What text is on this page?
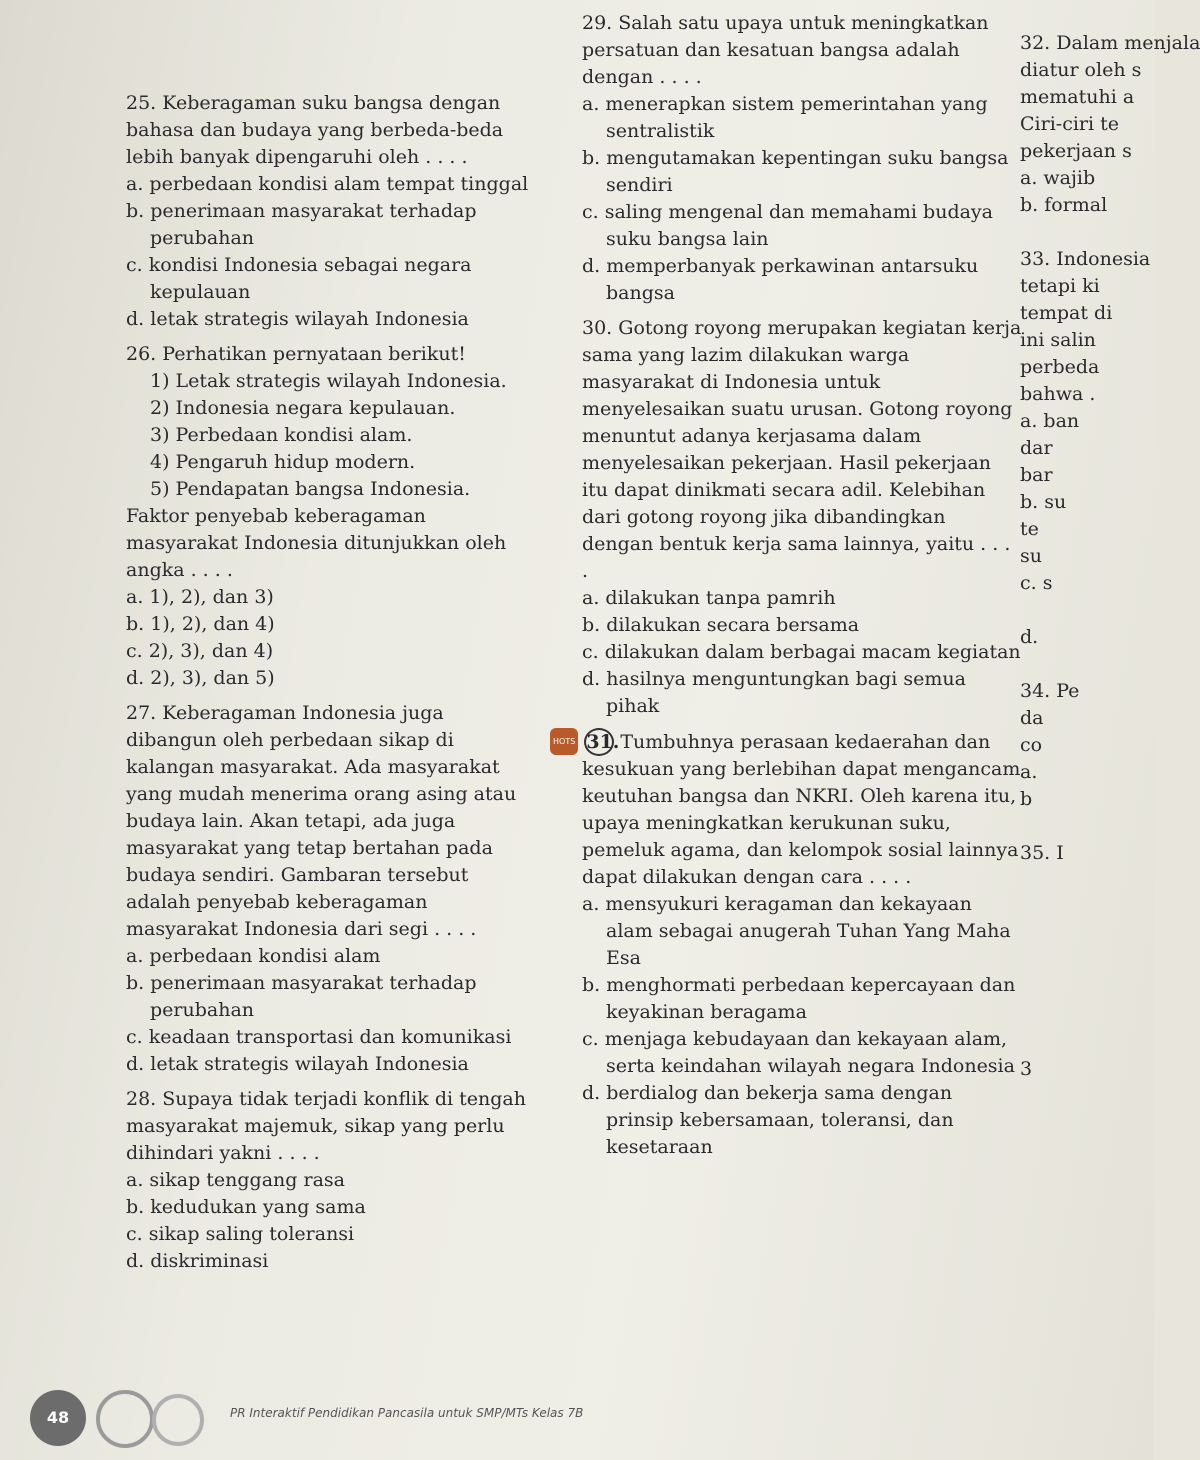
25. Keberagaman suku bangsa dengan bahasa dan budaya yang berbeda-beda lebih banyak dipengaruhi oleh . . . .
a. perbedaan kondisi alam tempat tinggal
b. penerimaan masyarakat terhadap perubahan
c. kondisi Indonesia sebagai negara kepulauan
d. letak strategis wilayah Indonesia
26. Perhatikan pernyataan berikut!
1) Letak strategis wilayah Indonesia.
2) Indonesia negara kepulauan.
3) Perbedaan kondisi alam.
4) Pengaruh hidup modern.
5) Pendapatan bangsa Indonesia.
Faktor penyebab keberagaman masyarakat Indonesia ditunjukkan oleh angka . . . .
a. 1), 2), dan 3)
b. 1), 2), dan 4)
c. 2), 3), dan 4)
d. 2), 3), dan 5)
27. Keberagaman Indonesia juga dibangun oleh perbedaan sikap di kalangan masyarakat. Ada masyarakat yang mudah menerima orang asing atau budaya lain. Akan tetapi, ada juga masyarakat yang tetap bertahan pada budaya sendiri. Gambaran tersebut adalah penyebab keberagaman masyarakat Indonesia dari segi . . . .
a. perbedaan kondisi alam
b. penerimaan masyarakat terhadap perubahan
c. keadaan transportasi dan komunikasi
d. letak strategis wilayah Indonesia
28. Supaya tidak terjadi konflik di tengah masyarakat majemuk, sikap yang perlu dihindari yakni . . . .
a. sikap tenggang rasa
b. kedudukan yang sama
c. sikap saling toleransi
d. diskriminasi
29. Salah satu upaya untuk meningkatkan persatuan dan kesatuan bangsa adalah dengan . . . .
a. menerapkan sistem pemerintahan yang sentralistik
b. mengutamakan kepentingan suku bangsa sendiri
c. saling mengenal dan memahami budaya suku bangsa lain
d. memperbanyak perkawinan antarsuku bangsa
30. Gotong royong merupakan kegiatan kerja sama yang lazim dilakukan warga masyarakat di Indonesia untuk menyelesaikan suatu urusan. Gotong royong menuntut adanya kerjasama dalam menyelesaikan pekerjaan. Hasil pekerjaan itu dapat dinikmati secara adil. Kelebihan dari gotong royong jika dibandingkan dengan bentuk kerja sama lainnya, yaitu . . . .
a. dilakukan tanpa pamrih
b. dilakukan secara bersama
c. dilakukan dalam berbagai macam kegiatan
d. hasilnya menguntungkan bagi semua pihak
HOTS 31. Tumbuhnya perasaan kedaerahan dan kesukuan yang berlebihan dapat mengancam keutuhan bangsa dan NKRI. Oleh karena itu, upaya meningkatkan kerukunan suku, pemeluk agama, dan kelompok sosial lainnya dapat dilakukan dengan cara . . . .
a. mensyukuri keragaman dan kekayaan alam sebagai anugerah Tuhan Yang Maha Esa
b. menghormati perbedaan kepercayaan dan keyakinan beragama
c. menjaga kebudayaan dan kekayaan alam, serta keindahan wilayah negara Indonesia
d. berdialog dan bekerja sama dengan prinsip kebersamaan, toleransi, dan kesetaraan
32. Dalam menjala
diatur oleh s
mematuhi a
Ciri-ciri te
pekerjaan s
a. wajib
b. formal
33. Indonesia
tetapi ki
tempat di
ini salin
perbeda
bahwa .
a. ban
dar
bar
b. su
te
su
c. s
d.
34. Pe
da
co
a.
b
35. I
3
48	PR Interaktif Pendidikan Pancasila untuk SMP/MTs Kelas 7B
